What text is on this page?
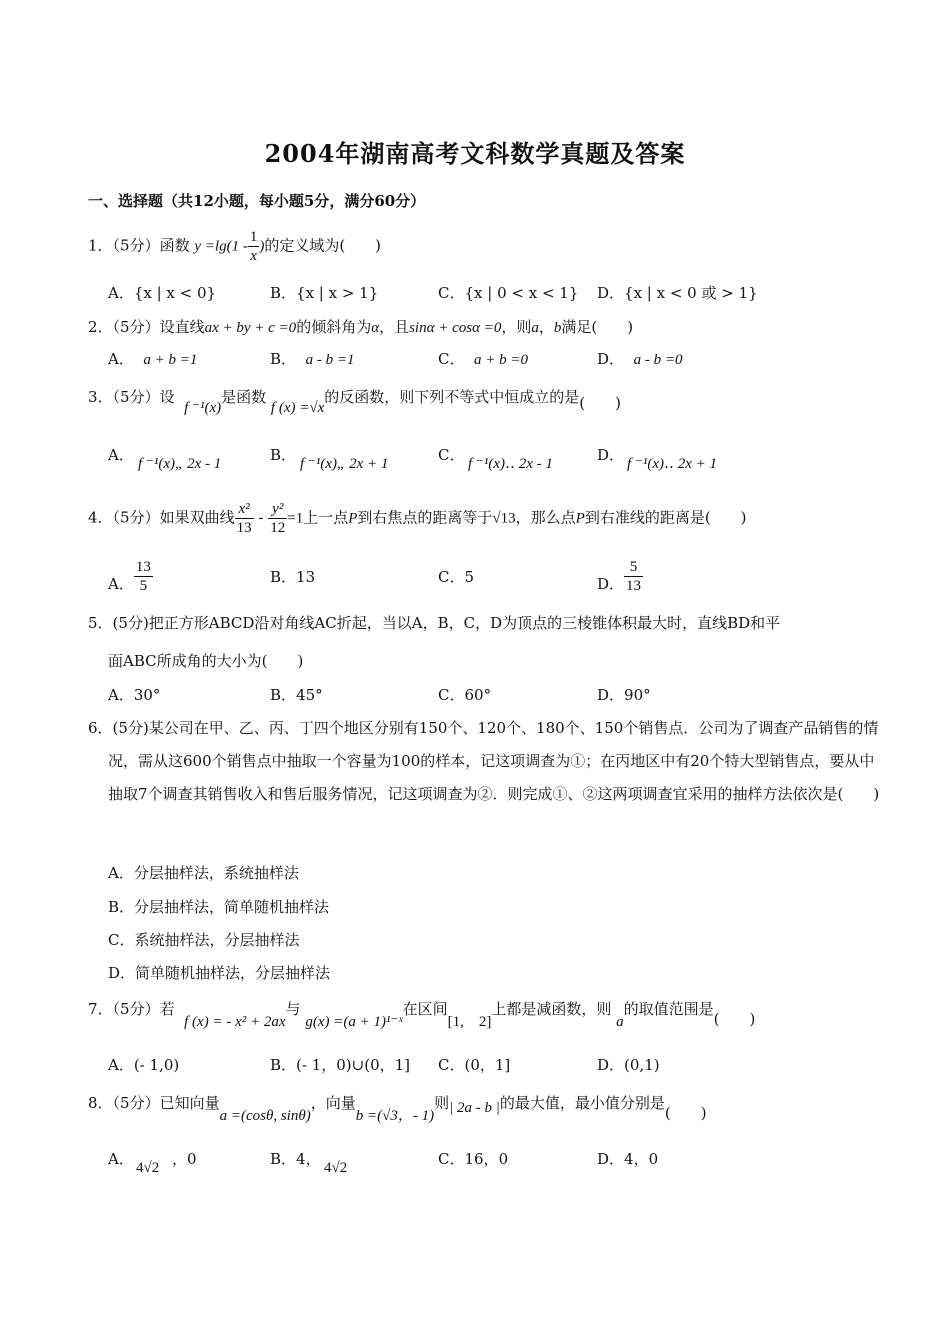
2004年湖南高考文科数学真题及答案
一、选择题（共12小题，每小题5分，满分60分）
1．（5分）函数 $y =\lg(1 - \frac{1}{x}$ )的定义域为(　　)
A．{x | x < 0}	B．{x | x > 1}	C．{x | 0 < x < 1} D．{x | x < 0 或 > 1}
2．（5分）设直线ax + by + c =0的倾斜角为α，且sinα + cosα =0，则a，b满足(　　)
A． a + b =1	B． a - b =1	C． a + b =0	D． a - b =0
3．（5分）设  f ⁻¹(x)是函数 f (x) =√x的反函数，则下列不等式中恒成立的是(　　)
A． f ⁻¹(x)„ 2x - 1	B． f ⁻¹(x)„ 2x + 1	C． f ⁻¹(x)‥ 2x - 1	D． f ⁻¹(x)‥ 2x + 1
4．（5分）如果双曲线 $\frac{\text{x²}}{13} - \frac{\text{y²}}{12} =1$上一点P到右焦点的距离等于√13，那么点P到右准线的距离是(　　)
A． $\frac{13}{5}$	B．13	C．5	D． $\frac{5}{13}$
5．(5分)把正方形ABCD沿对角线AC折起，当以A，B，C，D为顶点的三棱锥体积最大时，直线BD和平
面ABC所成角的大小为(　　)
A．30°	B．45°	C．60°	D．90°
6．(5分)某公司在甲、乙、丙、丁四个地区分别有150个、120个、180个、150个销售点．公司为了调查产品销售的情况，需从这600个销售点中抽取一个容量为100的样本，记这项调查为①；在丙地区中有20个特大型销售点，要从中抽取7个调查其销售收入和售后服务情况，记这项调查为②．则完成①、②这两项调查宜采用的抽样方法依次是(　　)
A．分层抽样法，系统抽样法
B．分层抽样法，简单随机抽样法
C．系统抽样法，分层抽样法
D．简单随机抽样法，分层抽样法
7．（5分）若  f (x) = - x² + 2ax与 g(x) =(a + 1)¹⁻ˣ在区间[1,　2]上都是减函数，则 a的取值范围是(　　)
A．(- 1,0)	B．(- 1，0)∪(0，1] C．(0，1]	D．(0,1)
8．（5分）已知向量a =(cosθ, sinθ)，向量b =(√3，- 1)则| 2a - b |的最大值，最小值分别是(　　)
A． 4√2 ，0	B．4， 4√2	C．16，0	D．4，0
